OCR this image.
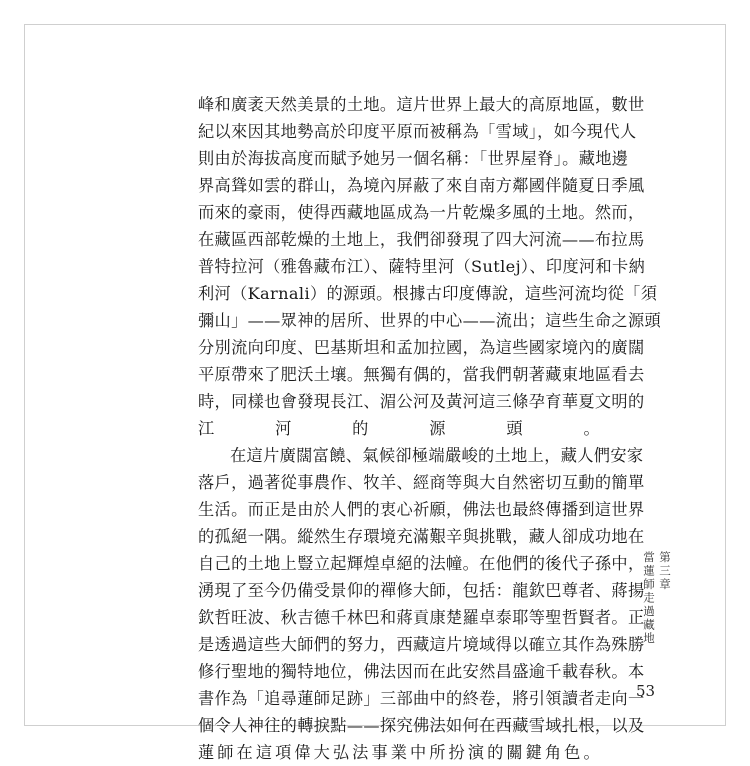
峰和廣袤天然美景的土地。這片世界上最大的高原地區，數世
紀以來因其地勢高於印度平原而被稱為「雪域」，如今現代人
則由於海拔高度而賦予她另一個名稱：「世界屋脊」。藏地邊
界高聳如雲的群山，為境內屏蔽了來自南方鄰國伴隨夏日季風
而來的豪雨，使得西藏地區成為一片乾燥多風的土地。然而，
在藏區西部乾燥的土地上，我們卻發現了四大河流——布拉馬
普特拉河（雅魯藏布江）、薩特里河（Sutlej）、印度河和卡納
利河（Karnali）的源頭。根據古印度傳說，這些河流均從「須
彌山」——眾神的居所、世界的中心——流出；這些生命之源頭
分別流向印度、巴基斯坦和孟加拉國，為這些國家境內的廣闊
平原帶來了肥沃土壤。無獨有偶的，當我們朝著藏東地區看去
時，同樣也會發現長江、湄公河及黃河這三條孕育華夏文明的
江河的源頭。

在這片廣闊富饒、氣候卻極端嚴峻的土地上，藏人們安家
落戶，過著從事農作、牧羊、經商等與大自然密切互動的簡單
生活。而正是由於人們的衷心祈願，佛法也最終傳播到這世界
的孤絕一隅。縱然生存環境充滿艱辛與挑戰，藏人卻成功地在
自己的土地上豎立起輝煌卓絕的法幢。在他們的後代子孫中，
湧現了至今仍備受景仰的禪修大師，包括：龍欽巴尊者、蔣揚
欽哲旺波、秋吉德千林巴和蔣貢康楚羅卓泰耶等聖哲賢者。正
是透過這些大師們的努力，西藏這片境域得以確立其作為殊勝
修行聖地的獨特地位，佛法因而在此安然昌盛逾千載春秋。本
書作為「追尋蓮師足跡」三部曲中的終卷，將引領讀者走向一
個令人神往的轉捩點——探究佛法如何在西藏雪域扎根，以及
蓮師在這項偉大弘法事業中所扮演的關鍵角色。

第三章
當蓮師走過藏地
53
